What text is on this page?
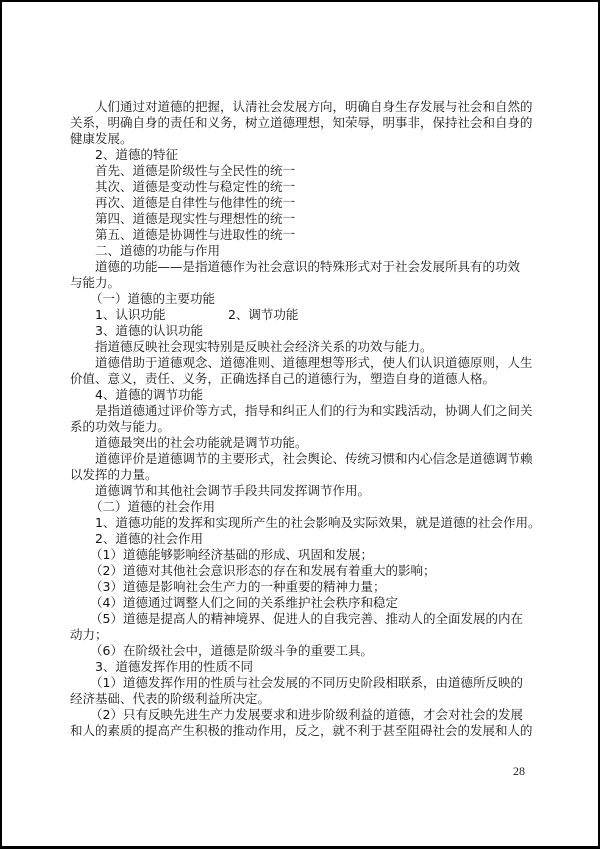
人们通过对道德的把握，认清社会发展方向，明确自身生存发展与社会和自然的
关系，明确自身的责任和义务，树立道德理想，知荣辱，明事非，保持社会和自身的
健康发展。
2、道德的特征
首先、道德是阶级性与全民性的统一
其次、道德是变动性与稳定性的统一
再次、道德是自律性与他律性的统一
第四、道德是现实性与理想性的统一
第五、道德是协调性与进取性的统一
二、道德的功能与作用
道德的功能——是指道德作为社会意识的特殊形式对于社会发展所具有的功效
与能力。
（一）道德的主要功能
1、认识功能　　　　　2、调节功能
3、道德的认识功能
指道德反映社会现实特别是反映社会经济关系的功效与能力。
道德借助于道德观念、道德准则、道德理想等形式，使人们认识道德原则，人生
价值、意义，责任、义务，正确选择自己的道德行为，塑造自身的道德人格。
4、道德的调节功能
是指道德通过评价等方式，指导和纠正人们的行为和实践活动，协调人们之间关
系的功效与能力。
道德最突出的社会功能就是调节功能。
道德评价是道德调节的主要形式，社会舆论、传统习惯和内心信念是道德调节赖
以发挥的力量。
道德调节和其他社会调节手段共同发挥调节作用。
（二）道德的社会作用
1、道德功能的发挥和实现所产生的社会影响及实际效果，就是道德的社会作用。
2、道德的社会作用
（1）道德能够影响经济基础的形成、巩固和发展；
（2）道德对其他社会意识形态的存在和发展有着重大的影响；
（3）道德是影响社会生产力的一种重要的精神力量；
（4）道德通过调整人们之间的关系维护社会秩序和稳定
（5）道德是提高人的精神境界、促进人的自我完善、推动人的全面发展的内在
动力；
（6）在阶级社会中，道德是阶级斗争的重要工具。
3、道德发挥作用的性质不同
（1）道德发挥作用的性质与社会发展的不同历史阶段相联系，由道德所反映的
经济基础、代表的阶级利益所决定。
（2）只有反映先进生产力发展要求和进步阶级利益的道德，才会对社会的发展
和人的素质的提高产生积极的推动作用，反之，就不利于甚至阻碍社会的发展和人的
28
